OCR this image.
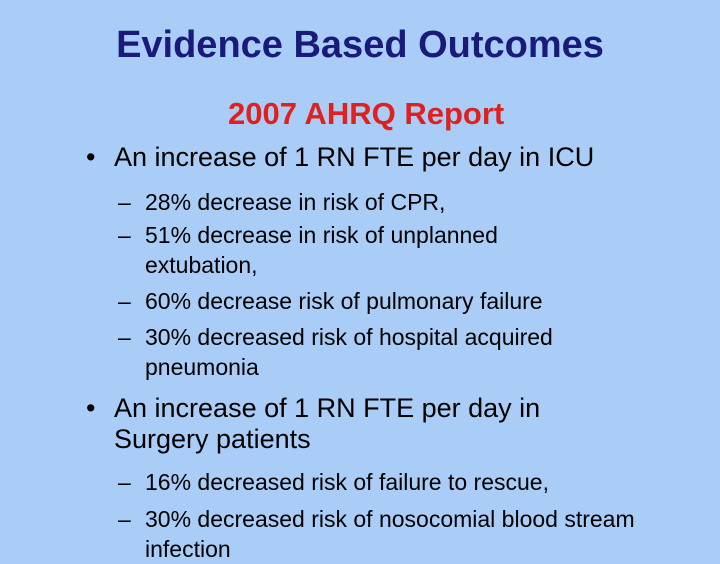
Evidence Based Outcomes
2007 AHRQ Report
• An increase of 1 RN FTE per day in ICU
– 28% decrease in risk of CPR,
– 51% decrease in risk of unplanned extubation,
– 60% decrease risk of pulmonary failure
– 30% decreased risk of hospital acquired pneumonia
• An increase of 1 RN FTE per day in Surgery patients
– 16% decreased risk of failure to rescue,
– 30% decreased risk of nosocomial blood stream infection
